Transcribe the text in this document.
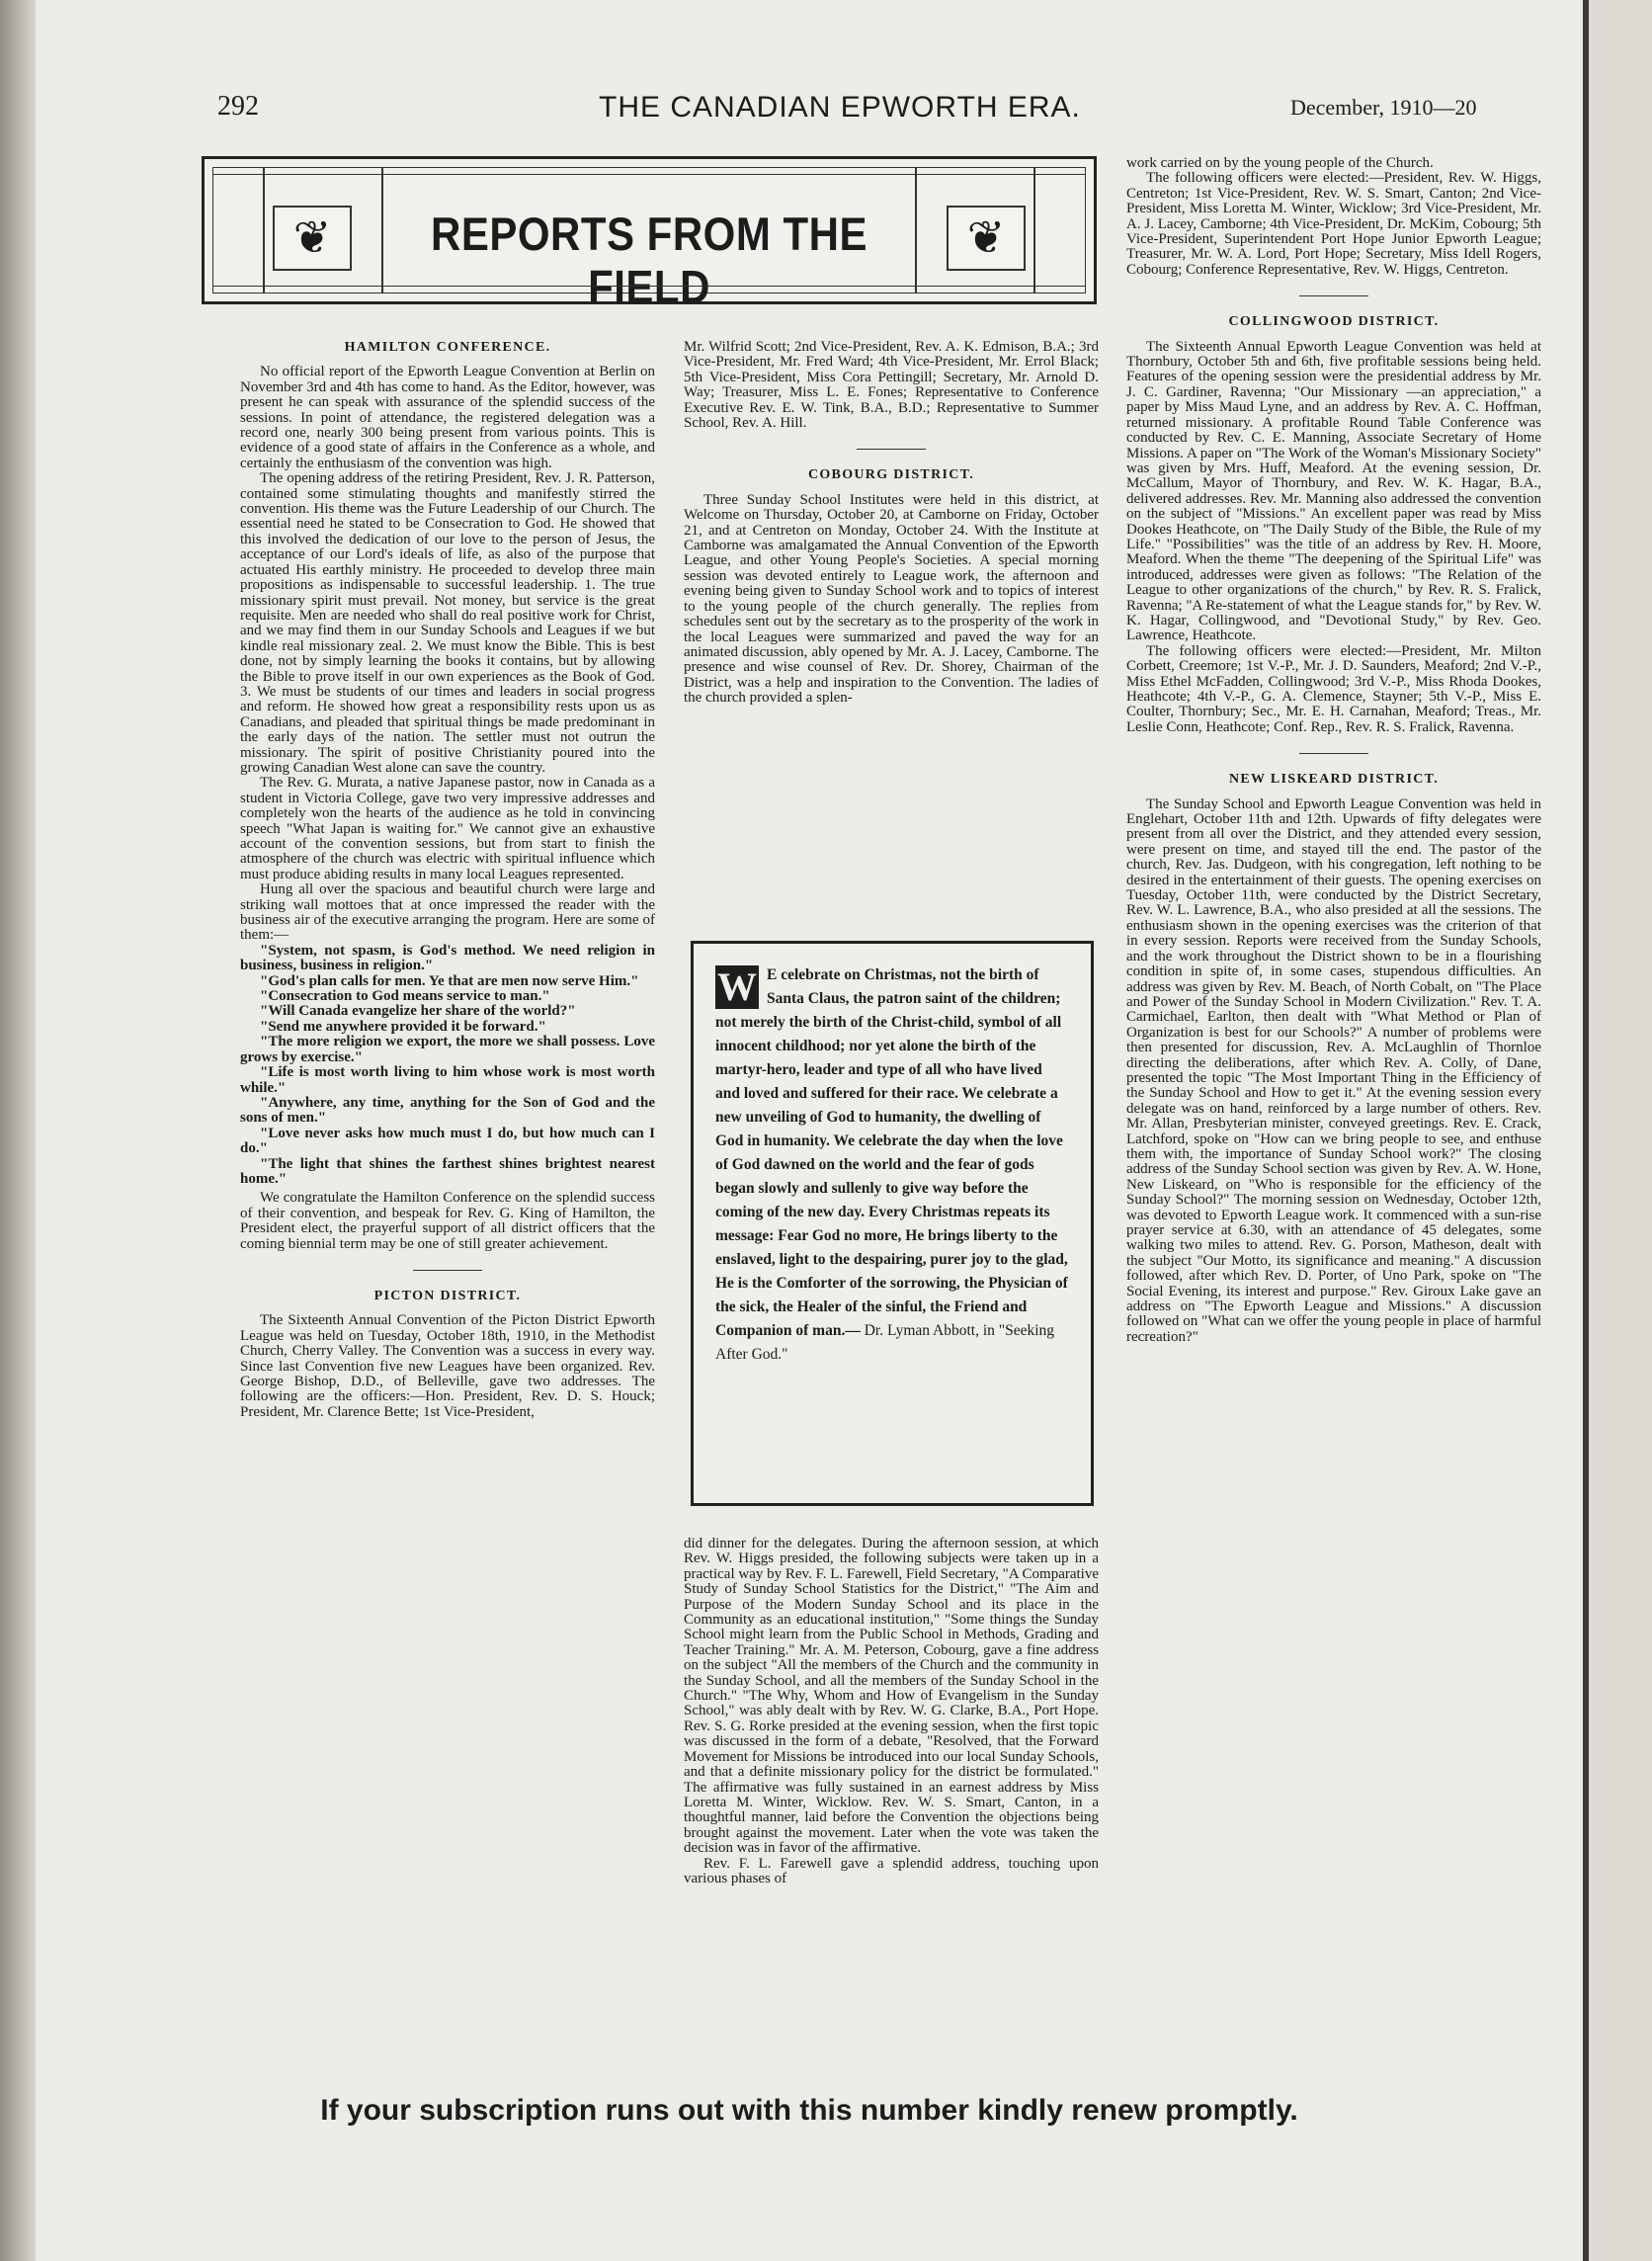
292	THE CANADIAN EPWORTH ERA.	December, 1910—20
❦	❦
REPORTS FROM THE FIELD
HAMILTON CONFERENCE.

No official report of the Epworth League Convention at Berlin on November 3rd and 4th has come to hand. As the Editor, however, was present he can speak with assurance of the splendid success of the sessions. In point of attendance, the registered delegation was a record one, nearly 300 being present from various points. This is evidence of a good state of affairs in the Conference as a whole, and certainly the enthusiasm of the convention was high.

The opening address of the retiring President, Rev. J. R. Patterson, contained some stimulating thoughts and manifestly stirred the convention. His theme was the Future Leadership of our Church. The essential need he stated to be Consecration to God. He showed that this involved the dedication of our love to the person of Jesus, the acceptance of our Lord's ideals of life, as also of the purpose that actuated His earthly ministry. He proceeded to develop three main propositions as indispensable to successful leadership. 1. The true missionary spirit must prevail. Not money, but service is the great requisite. Men are needed who shall do real positive work for Christ, and we may find them in our Sunday Schools and Leagues if we but kindle real missionary zeal. 2. We must know the Bible. This is best done, not by simply learning the books it contains, but by allowing the Bible to prove itself in our own experiences as the Book of God. 3. We must be students of our times and leaders in social progress and reform. He showed how great a responsibility rests upon us as Canadians, and pleaded that spiritual things be made predominant in the early days of the nation. The settler must not outrun the missionary. The spirit of positive Christianity poured into the growing Canadian West alone can save the country.

The Rev. G. Murata, a native Japanese pastor, now in Canada as a student in Victoria College, gave two very impressive addresses and completely won the hearts of the audience as he told in convincing speech "What Japan is waiting for." We cannot give an exhaustive account of the convention sessions, but from start to finish the atmosphere of the church was electric with spiritual influence which must produce abiding results in many local Leagues represented.

Hung all over the spacious and beautiful church were large and striking wall mottoes that at once impressed the reader with the business air of the executive arranging the program. Here are some of them:—

"System, not spasm, is God's method. We need religion in business, business in religion."

"God's plan calls for men. Ye that are men now serve Him."

"Consecration to God means service to man."

"Will Canada evangelize her share of the world?"

"Send me anywhere provided it be forward."

"The more religion we export, the more we shall possess. Love grows by exercise."

"Life is most worth living to him whose work is most worth while."

"Anywhere, any time, anything for the Son of God and the sons of men."

"Love never asks how much must I do, but how much can I do."

"The light that shines the farthest shines brightest nearest home."

We congratulate the Hamilton Conference on the splendid success of their convention, and bespeak for Rev. G. King of Hamilton, the President elect, the prayerful support of all district officers that the coming biennial term may be one of still greater achievement.

PICTON DISTRICT.

The Sixteenth Annual Convention of the Picton District Epworth League was held on Tuesday, October 18th, 1910, in the Methodist Church, Cherry Valley. The Convention was a success in every way. Since last Convention five new Leagues have been organized. Rev. George Bishop, D.D., of Belleville, gave two addresses. The following are the officers:—Hon. President, Rev. D. S. Houck; President, Mr. Clarence Bette; 1st Vice-President,

Mr. Wilfrid Scott; 2nd Vice-President, Rev. A. K. Edmison, B.A.; 3rd Vice-President, Mr. Fred Ward; 4th Vice-President, Mr. Errol Black; 5th Vice-President, Miss Cora Pettingill; Secretary, Mr. Arnold D. Way; Treasurer, Miss L. E. Fones; Representative to Conference Executive Rev. E. W. Tink, B.A., B.D.; Representative to Summer School, Rev. A. Hill.

COBOURG DISTRICT.

Three Sunday School Institutes were held in this district, at Welcome on Thursday, October 20, at Camborne on Friday, October 21, and at Centreton on Monday, October 24. With the Institute at Camborne was amalgamated the Annual Convention of the Epworth League, and other Young People's Societies. A special morning session was devoted entirely to League work, the afternoon and evening being given to Sunday School work and to topics of interest to the young people of the church generally. The replies from schedules sent out by the secretary as to the prosperity of the work in the local Leagues were summarized and paved the way for an animated discussion, ably opened by Mr. A. J. Lacey, Camborne. The presence and wise counsel of Rev. Dr. Shorey, Chairman of the District, was a help and inspiration to the Convention. The ladies of the church provided a splen-

W E celebrate on Christmas, not the birth of Santa Claus, the patron saint of the children; not merely the birth of the Christ-child, symbol of all innocent childhood; nor yet alone the birth of the martyr-hero, leader and type of all who have lived and loved and suffered for their race. We celebrate a new unveiling of God to humanity, the dwelling of God in humanity. We celebrate the day when the love of God dawned on the world and the fear of gods began slowly and sullenly to give way before the coming of the new day. Every Christmas repeats its message: Fear God no more, He brings liberty to the enslaved, light to the despairing, purer joy to the glad, He is the Comforter of the sorrowing, the Physician of the sick, the Healer of the sinful, the Friend and Companion of man.— Dr. Lyman Abbott, in "Seeking After God."

did dinner for the delegates. During the afternoon session, at which Rev. W. Higgs presided, the following subjects were taken up in a practical way by Rev. F. L. Farewell, Field Secretary, "A Comparative Study of Sunday School Statistics for the District," "The Aim and Purpose of the Modern Sunday School and its place in the Community as an educational institution," "Some things the Sunday School might learn from the Public School in Methods, Grading and Teacher Training." Mr. A. M. Peterson, Cobourg, gave a fine address on the subject "All the members of the Church and the community in the Sunday School, and all the members of the Sunday School in the Church." "The Why, Whom and How of Evangelism in the Sunday School," was ably dealt with by Rev. W. G. Clarke, B.A., Port Hope. Rev. S. G. Rorke presided at the evening session, when the first topic was discussed in the form of a debate, "Resolved, that the Forward Movement for Missions be introduced into our local Sunday Schools, and that a definite missionary policy for the district be formulated." The affirmative was fully sustained in an earnest address by Miss Loretta M. Winter, Wicklow. Rev. W. S. Smart, Canton, in a thoughtful manner, laid before the Convention the objections being brought against the movement. Later when the vote was taken the decision was in favor of the affirmative.

Rev. F. L. Farewell gave a splendid address, touching upon various phases of

work carried on by the young people of the Church.

The following officers were elected:—President, Rev. W. Higgs, Centreton; 1st Vice-President, Rev. W. S. Smart, Canton; 2nd Vice-President, Miss Loretta M. Winter, Wicklow; 3rd Vice-President, Mr. A. J. Lacey, Camborne; 4th Vice-President, Dr. McKim, Cobourg; 5th Vice-President, Superintendent Port Hope Junior Epworth League; Treasurer, Mr. W. A. Lord, Port Hope; Secretary, Miss Idell Rogers, Cobourg; Conference Representative, Rev. W. Higgs, Centreton.

COLLINGWOOD DISTRICT.

The Sixteenth Annual Epworth League Convention was held at Thornbury, October 5th and 6th, five profitable sessions being held. Features of the opening session were the presidential address by Mr. J. C. Gardiner, Ravenna; "Our Missionary —an appreciation," a paper by Miss Maud Lyne, and an address by Rev. A. C. Hoffman, returned missionary. A profitable Round Table Conference was conducted by Rev. C. E. Manning, Associate Secretary of Home Missions. A paper on "The Work of the Woman's Missionary Society" was given by Mrs. Huff, Meaford. At the evening session, Dr. McCallum, Mayor of Thornbury, and Rev. W. K. Hagar, B.A., delivered addresses. Rev. Mr. Manning also addressed the convention on the subject of "Missions." An excellent paper was read by Miss Dookes Heathcote, on "The Daily Study of the Bible, the Rule of my Life." "Possibilities" was the title of an address by Rev. H. Moore, Meaford. When the theme "The deepening of the Spiritual Life" was introduced, addresses were given as follows: "The Relation of the League to other organizations of the church," by Rev. R. S. Fralick, Ravenna; "A Re-statement of what the League stands for," by Rev. W. K. Hagar, Collingwood, and "Devotional Study," by Rev. Geo. Lawrence, Heathcote.

The following officers were elected:—President, Mr. Milton Corbett, Creemore; 1st V.-P., Mr. J. D. Saunders, Meaford; 2nd V.-P., Miss Ethel McFadden, Collingwood; 3rd V.-P., Miss Rhoda Dookes, Heathcote; 4th V.-P., G. A. Clemence, Stayner; 5th V.-P., Miss E. Coulter, Thornbury; Sec., Mr. E. H. Carnahan, Meaford; Treas., Mr. Leslie Conn, Heathcote; Conf. Rep., Rev. R. S. Fralick, Ravenna.

NEW LISKEARD DISTRICT.

The Sunday School and Epworth League Convention was held in Englehart, October 11th and 12th. Upwards of fifty delegates were present from all over the District, and they attended every session, were present on time, and stayed till the end. The pastor of the church, Rev. Jas. Dudgeon, with his congregation, left nothing to be desired in the entertainment of their guests. The opening exercises on Tuesday, October 11th, were conducted by the District Secretary, Rev. W. L. Lawrence, B.A., who also presided at all the sessions. The enthusiasm shown in the opening exercises was the criterion of that in every session. Reports were received from the Sunday Schools, and the work throughout the District shown to be in a flourishing condition in spite of, in some cases, stupendous difficulties. An address was given by Rev. M. Beach, of North Cobalt, on "The Place and Power of the Sunday School in Modern Civilization." Rev. T. A. Carmichael, Earlton, then dealt with "What Method or Plan of Organization is best for our Schools?" A number of problems were then presented for discussion, Rev. A. McLaughlin of Thornloe directing the deliberations, after which Rev. A. Colly, of Dane, presented the topic "The Most Important Thing in the Efficiency of the Sunday School and How to get it." At the evening session every delegate was on hand, reinforced by a large number of others. Rev. Mr. Allan, Presbyterian minister, conveyed greetings. Rev. E. Crack, Latchford, spoke on "How can we bring people to see, and enthuse them with, the importance of Sunday School work?" The closing address of the Sunday School section was given by Rev. A. W. Hone, New Liskeard, on "Who is responsible for the efficiency of the Sunday School?" The morning session on Wednesday, October 12th, was devoted to Epworth League work. It commenced with a sun-rise prayer service at 6.30, with an attendance of 45 delegates, some walking two miles to attend. Rev. G. Porson, Matheson, dealt with the subject "Our Motto, its significance and meaning." A discussion followed, after which Rev. D. Porter, of Uno Park, spoke on "The Social Evening, its interest and purpose." Rev. Giroux Lake gave an address on "The Epworth League and Missions." A discussion followed on "What can we offer the young people in place of harmful recreation?"

If your subscription runs out with this number kindly renew promptly.
